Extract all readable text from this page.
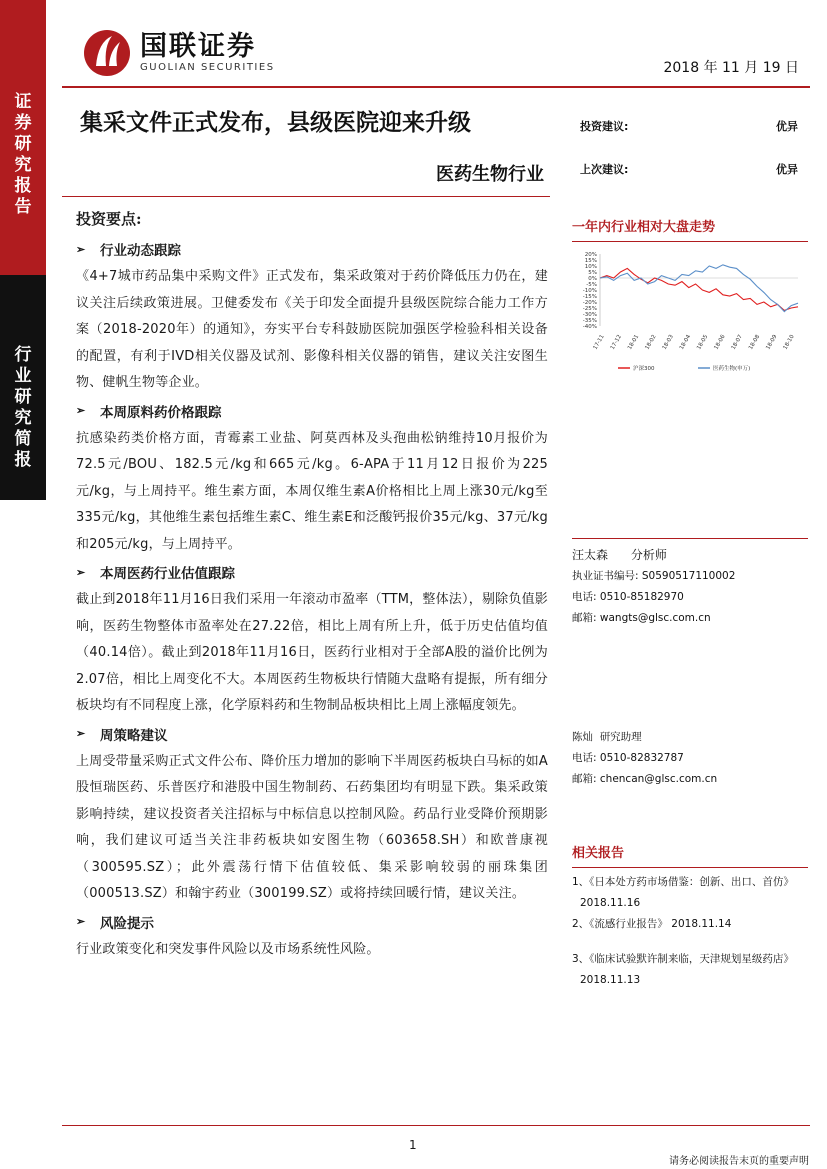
证券研究报告
行业研究简报
国联证券
GUOLIAN SECURITIES	2018 年 11 月 19 日
集采文件正式发布，县级医院迎来升级
医药生物行业
投资建议:	优异
上次建议:	优异
投资要点:
➢	行业动态跟踪
《4+7城市药品集中采购文件》正式发布，集采政策对于药价降低压力仍在，建议关注后续政策进展。卫健委发布《关于印发全面提升县级医院综合能力工作方案（2018-2020年）的通知》，夯实平台专科鼓励医院加强医学检验科相关设备的配置，有利于IVD相关仪器及试剂、影像科相关仪器的销售，建议关注安图生物、健帆生物等企业。
➢	本周原料药价格跟踪
抗感染药类价格方面，青霉素工业盐、阿莫西林及头孢曲松钠维持10月报价为72.5元/BOU、182.5元/kg和665元/kg。6-APA于11月12日报价为225元/kg，与上周持平。维生素方面，本周仅维生素A价格相比上周上涨30元/kg至335元/kg，其他维生素包括维生素C、维生素E和泛酸钙报价35元/kg、37元/kg和205元/kg，与上周持平。
➢	本周医药行业估值跟踪
截止到2018年11月16日我们采用一年滚动市盈率（TTM，整体法），剔除负值影响，医药生物整体市盈率处在27.22倍，相比上周有所上升，低于历史估值均值（40.14倍）。截止到2018年11月16日，医药行业相对于全部A股的溢价比例为2.07倍，相比上周变化不大。本周医药生物板块行情随大盘略有提振，所有细分板块均有不同程度上涨，化学原料药和生物制品板块相比上周上涨幅度领先。
➢	周策略建议
上周受带量采购正式文件公布、降价压力增加的影响下半周医药板块白马标的如A股恒瑞医药、乐普医疗和港股中国生物制药、石药集团均有明显下跌。集采政策影响持续，建议投资者关注招标与中标信息以控制风险。药品行业受降价预期影响，我们建议可适当关注非药板块如安图生物（603658.SH）和欧普康视（300595.SZ）；此外震荡行情下估值较低、集采影响较弱的丽珠集团（000513.SZ）和翰宇药业（300199.SZ）或将持续回暖行情，建议关注。
➢	风险提示
行业政策变化和突发事件风险以及市场系统性风险。
一年内行业相对大盘走势
20%
15%
10%
5%
0%
-5%
-10%
-15%
-20%
-25%
-30%
-35%
-40%
17-11 17-12 18-01 18-02 18-03 18-04 18-05 18-06 18-07 18-08 18-09 18-10
沪深300	医药生物(申万)
汪太森 分析师
执业证书编号: S0590517110002
电话: 0510-85182970
邮箱: wangts@glsc.com.cn
陈灿 研究助理
电话: 0510-82832787
邮箱: chencan@glsc.com.cn
相关报告
1、《日本处方药市场借鉴：创新、出口、首仿》
2018.11.16
2、《流感行业报告》 2018.11.14
3、《临床试验默许制来临，天津规划星级药店》
2018.11.13
1
请务必阅读报告末页的重要声明
